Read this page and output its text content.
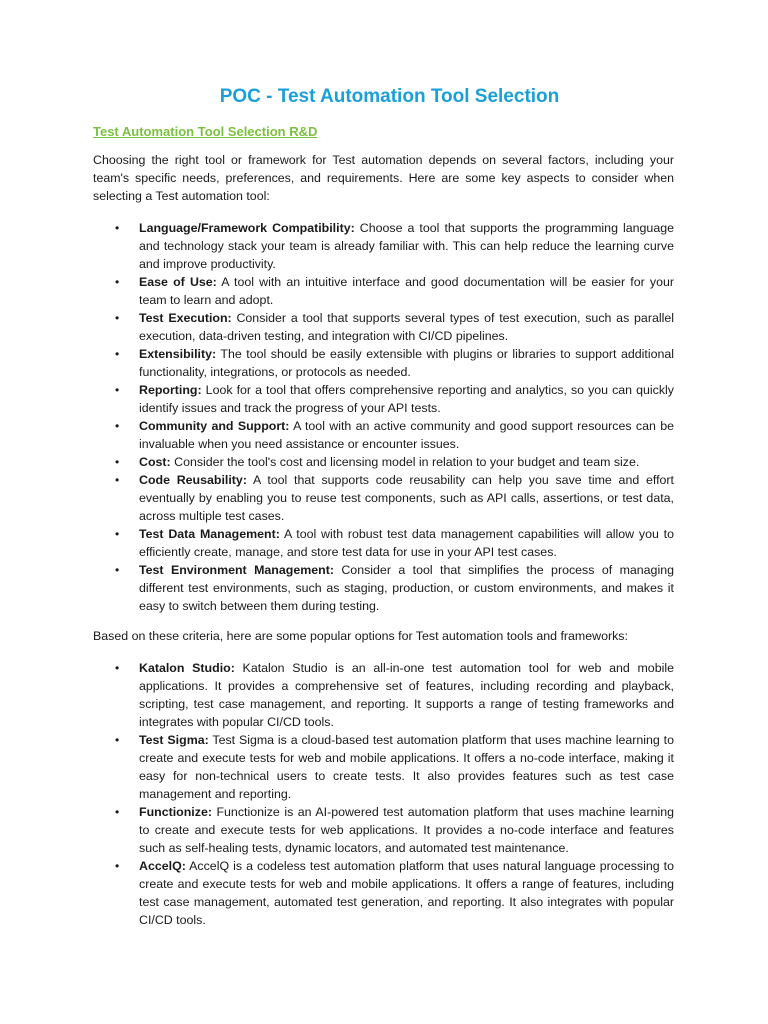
POC - Test Automation Tool Selection
Test Automation Tool Selection R&D

Choosing the right tool or framework for Test automation depends on several factors, including your team's specific needs, preferences, and requirements. Here are some key aspects to consider when selecting a Test automation tool:

• Language/Framework Compatibility: Choose a tool that supports the programming language and technology stack your team is already familiar with. This can help reduce the learning curve and improve productivity.
• Ease of Use: A tool with an intuitive interface and good documentation will be easier for your team to learn and adopt.
• Test Execution: Consider a tool that supports several types of test execution, such as parallel execution, data-driven testing, and integration with CI/CD pipelines.
• Extensibility: The tool should be easily extensible with plugins or libraries to support additional functionality, integrations, or protocols as needed.
• Reporting: Look for a tool that offers comprehensive reporting and analytics, so you can quickly identify issues and track the progress of your API tests.
• Community and Support: A tool with an active community and good support resources can be invaluable when you need assistance or encounter issues.
• Cost: Consider the tool's cost and licensing model in relation to your budget and team size.
• Code Reusability: A tool that supports code reusability can help you save time and effort eventually by enabling you to reuse test components, such as API calls, assertions, or test data, across multiple test cases.
• Test Data Management: A tool with robust test data management capabilities will allow you to efficiently create, manage, and store test data for use in your API test cases.
• Test Environment Management: Consider a tool that simplifies the process of managing different test environments, such as staging, production, or custom environments, and makes it easy to switch between them during testing.

Based on these criteria, here are some popular options for Test automation tools and frameworks:

• Katalon Studio: Katalon Studio is an all-in-one test automation tool for web and mobile applications. It provides a comprehensive set of features, including recording and playback, scripting, test case management, and reporting. It supports a range of testing frameworks and integrates with popular CI/CD tools.
• Test Sigma: Test Sigma is a cloud-based test automation platform that uses machine learning to create and execute tests for web and mobile applications. It offers a no-code interface, making it easy for non-technical users to create tests. It also provides features such as test case management and reporting.
• Functionize: Functionize is an AI-powered test automation platform that uses machine learning to create and execute tests for web applications. It provides a no-code interface and features such as self-healing tests, dynamic locators, and automated test maintenance.
• AccelQ: AccelQ is a codeless test automation platform that uses natural language processing to create and execute tests for web and mobile applications. It offers a range of features, including test case management, automated test generation, and reporting. It also integrates with popular CI/CD tools.
